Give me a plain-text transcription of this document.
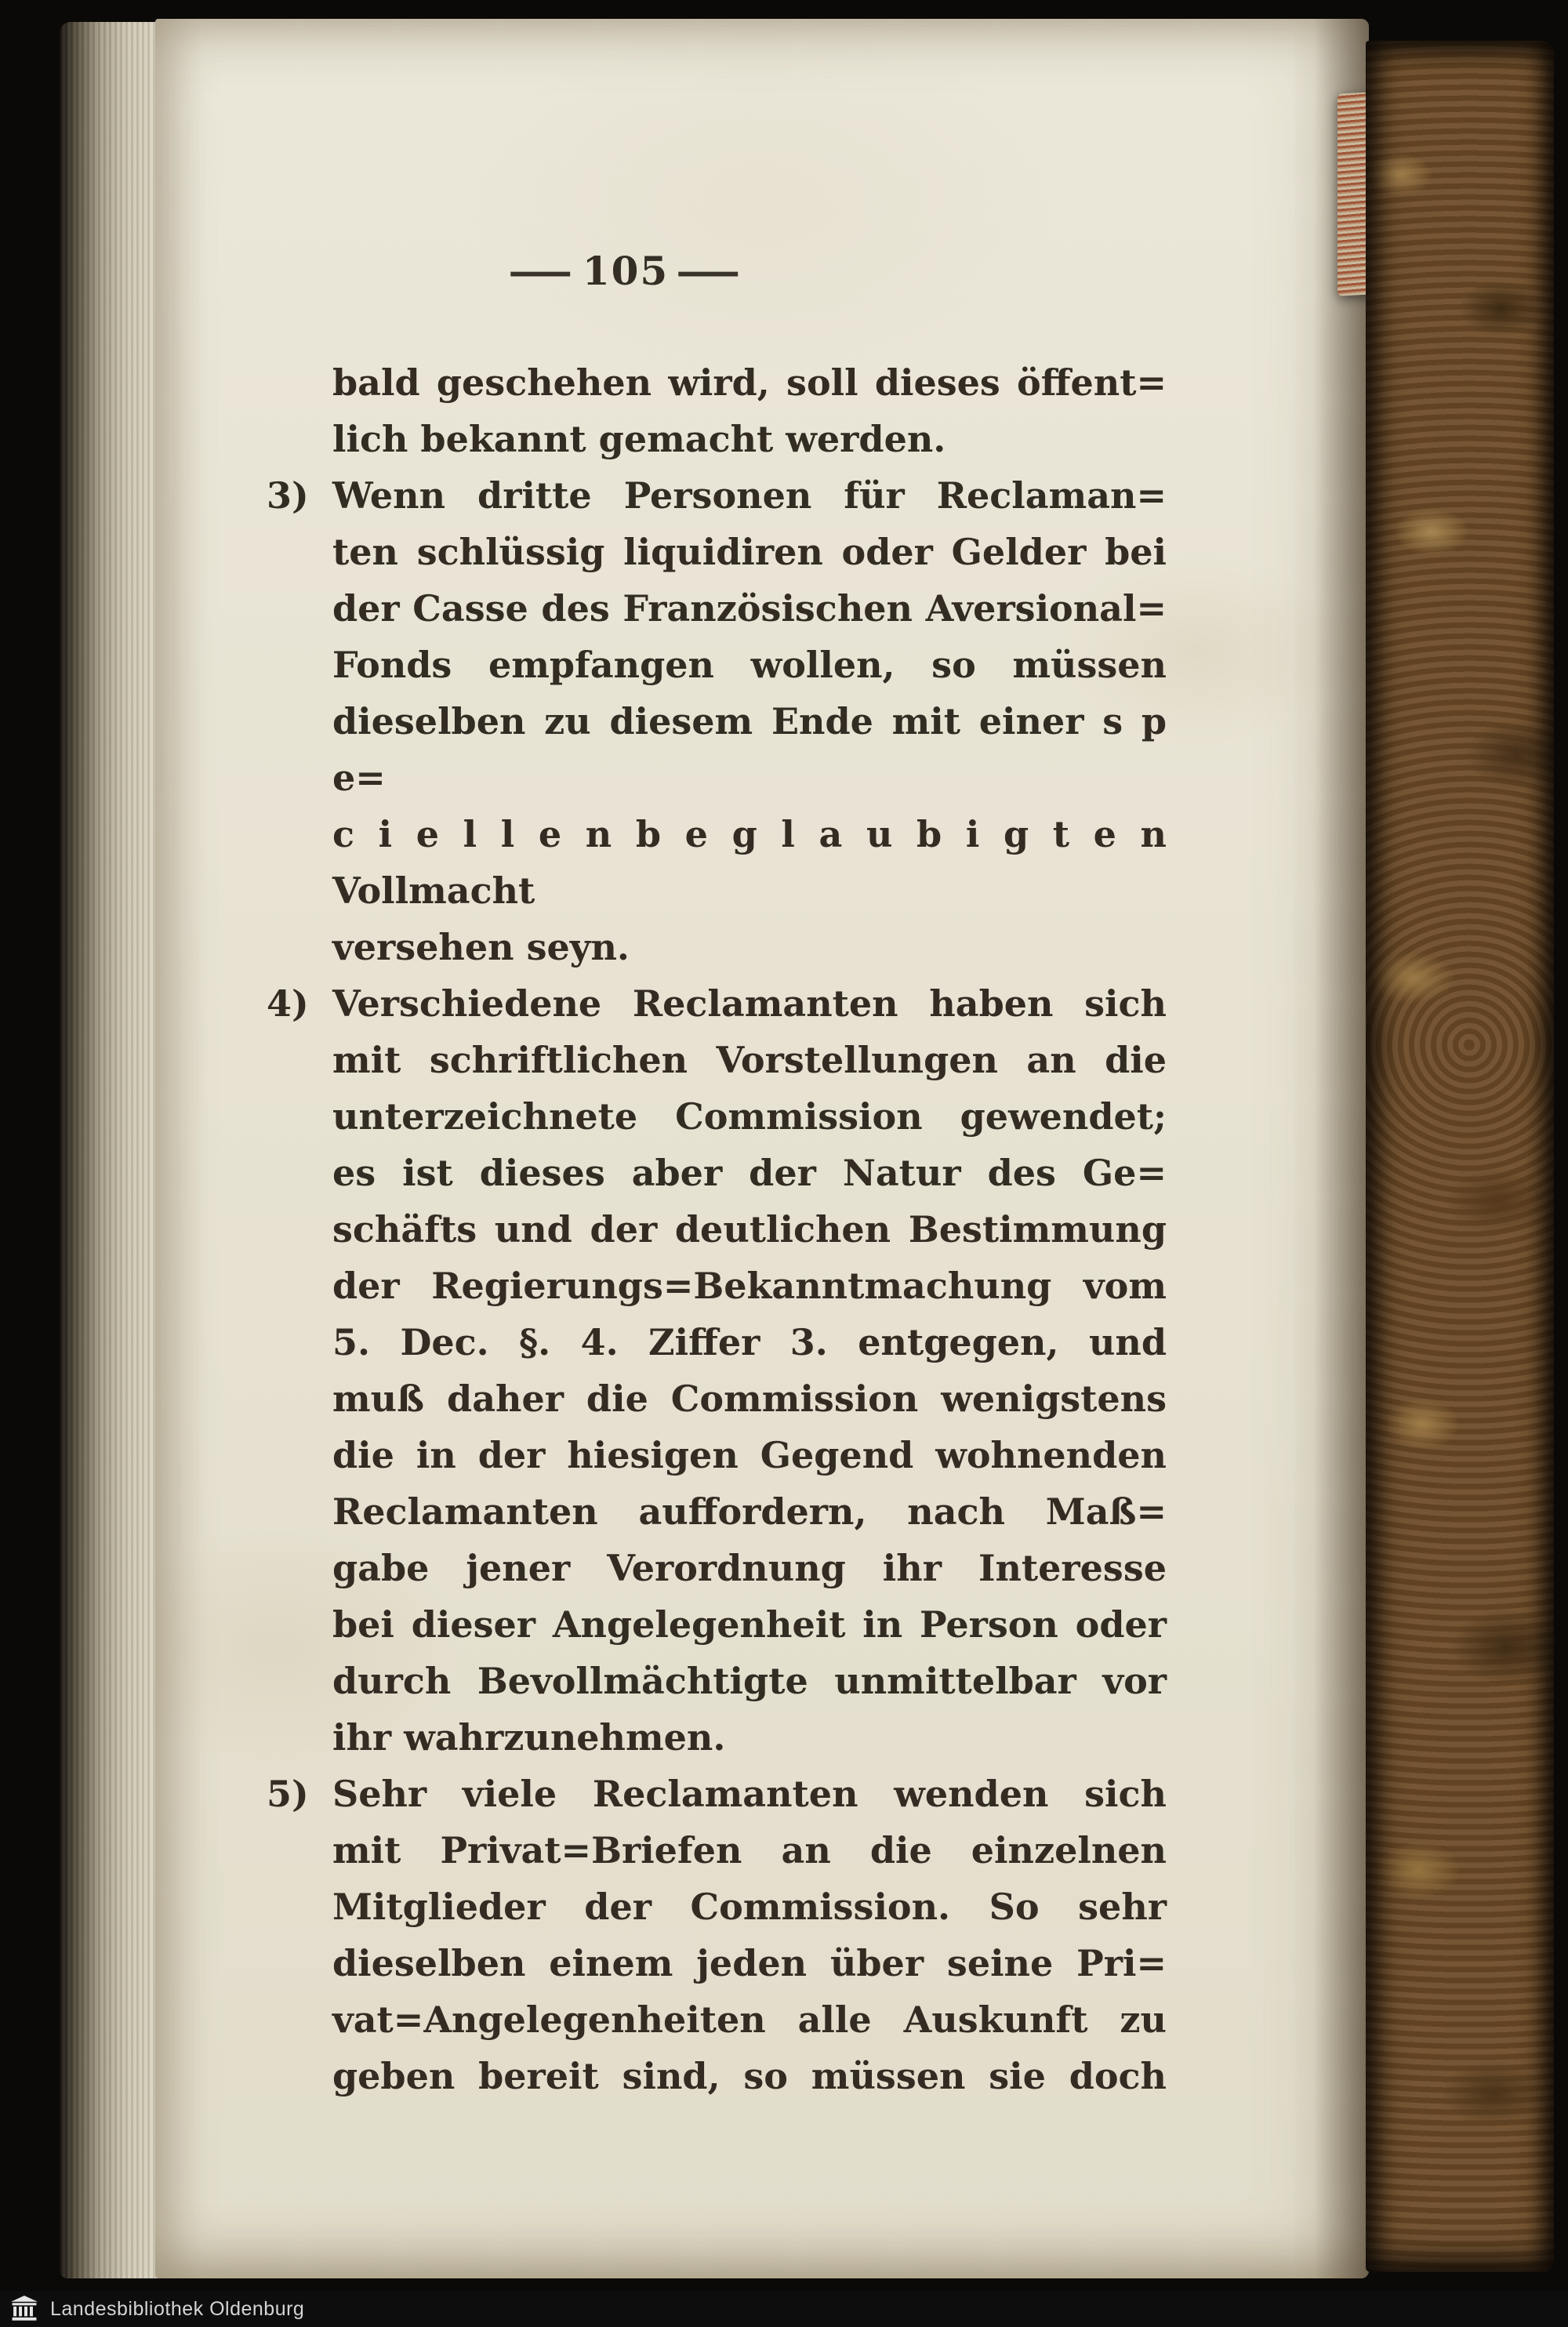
— 105 —
bald geschehen wird, soll dieses öffent=
lich bekannt gemacht werden.
3) Wenn dritte Personen für Reclaman=
ten schlüssig liquidiren oder Gelder bei
der Casse des Französischen Aversional=
Fonds empfangen wollen, so müssen
dieselben zu diesem Ende mit einer s p e=
c i e l l e n b e g l a u b i g t e n Vollmacht
versehen seyn.
4) Verschiedene Reclamanten haben sich
mit schriftlichen Vorstellungen an die
unterzeichnete Commission gewendet;
es ist dieses aber der Natur des Ge=
schäfts und der deutlichen Bestimmung
der Regierungs=Bekanntmachung vom
5. Dec. §. 4. Ziffer 3. entgegen, und
muß daher die Commission wenigstens
die in der hiesigen Gegend wohnenden
Reclamanten auffordern, nach Maß=
gabe jener Verordnung ihr Interesse
bei dieser Angelegenheit in Person oder
durch Bevollmächtigte unmittelbar vor
ihr wahrzunehmen.
5) Sehr viele Reclamanten wenden sich
mit Privat=Briefen an die einzelnen
Mitglieder der Commission. So sehr
dieselben einem jeden über seine Pri=
vat=Angelegenheiten alle Auskunft zu
geben bereit sind, so müssen sie doch
Landesbibliothek Oldenburg
